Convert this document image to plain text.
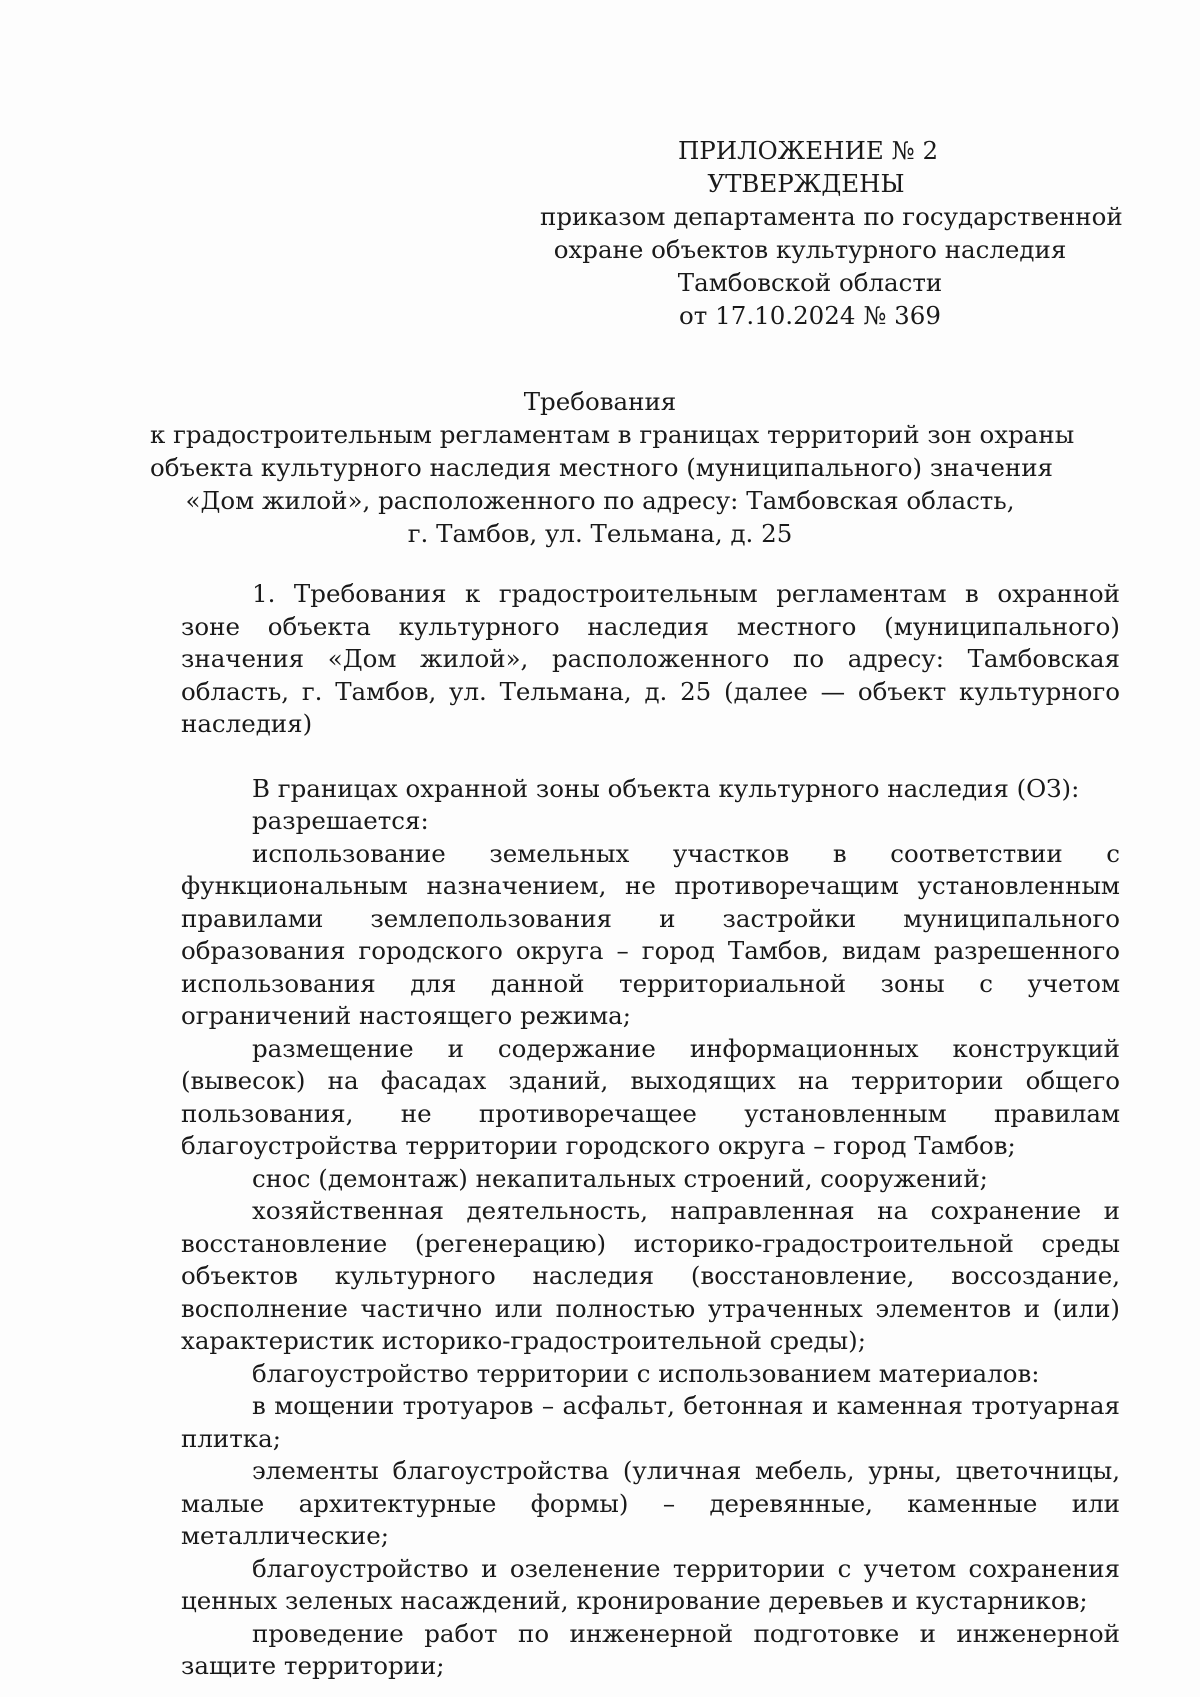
ПРИЛОЖЕНИЕ № 2
УТВЕРЖДЕНЫ
приказом департамента по государственной
охране объектов культурного наследия
Тамбовской области
от 17.10.2024 № 369
Требования
к градостроительным регламентам в границах территорий зон охраны
объекта культурного наследия местного (муниципального) значения
«Дом жилой», расположенного по адресу: Тамбовская область,
г. Тамбов, ул. Тельмана, д. 25

1. Требования к градостроительным регламентам в охранной зоне объекта культурного наследия местного (муниципального) значения «Дом жилой», расположенного по адресу: Тамбовская область, г. Тамбов, ул. Тельмана, д. 25 (далее — объект культурного наследия)

В границах охранной зоны объекта культурного наследия (ОЗ):

разрешается:

использование земельных участков в соответствии с функциональным назначением, не противоречащим установленным правилами землепользования и застройки муниципального образования городского округа – город Тамбов, видам разрешенного использования для данной территориальной зоны с учетом ограничений настоящего режима;

размещение и содержание информационных конструкций (вывесок) на фасадах зданий, выходящих на территории общего пользования, не противоречащее установленным правилам благоустройства территории городского округа – город Тамбов;

снос (демонтаж) некапитальных строений, сооружений;

хозяйственная деятельность, направленная на сохранение и восстановление (регенерацию) историко-градостроительной среды объектов культурного наследия (восстановление, воссоздание, восполнение частично или полностью утраченных элементов и (или) характеристик историко-градостроительной среды);

благоустройство территории с использованием материалов:

в мощении тротуаров – асфальт, бетонная и каменная тротуарная плитка;

элементы благоустройства (уличная мебель, урны, цветочницы, малые архитектурные формы) – деревянные, каменные или металлические;

благоустройство и озеленение территории с учетом сохранения ценных зеленых насаждений, кронирование деревьев и кустарников;

проведение работ по инженерной подготовке и инженерной защите территории;
